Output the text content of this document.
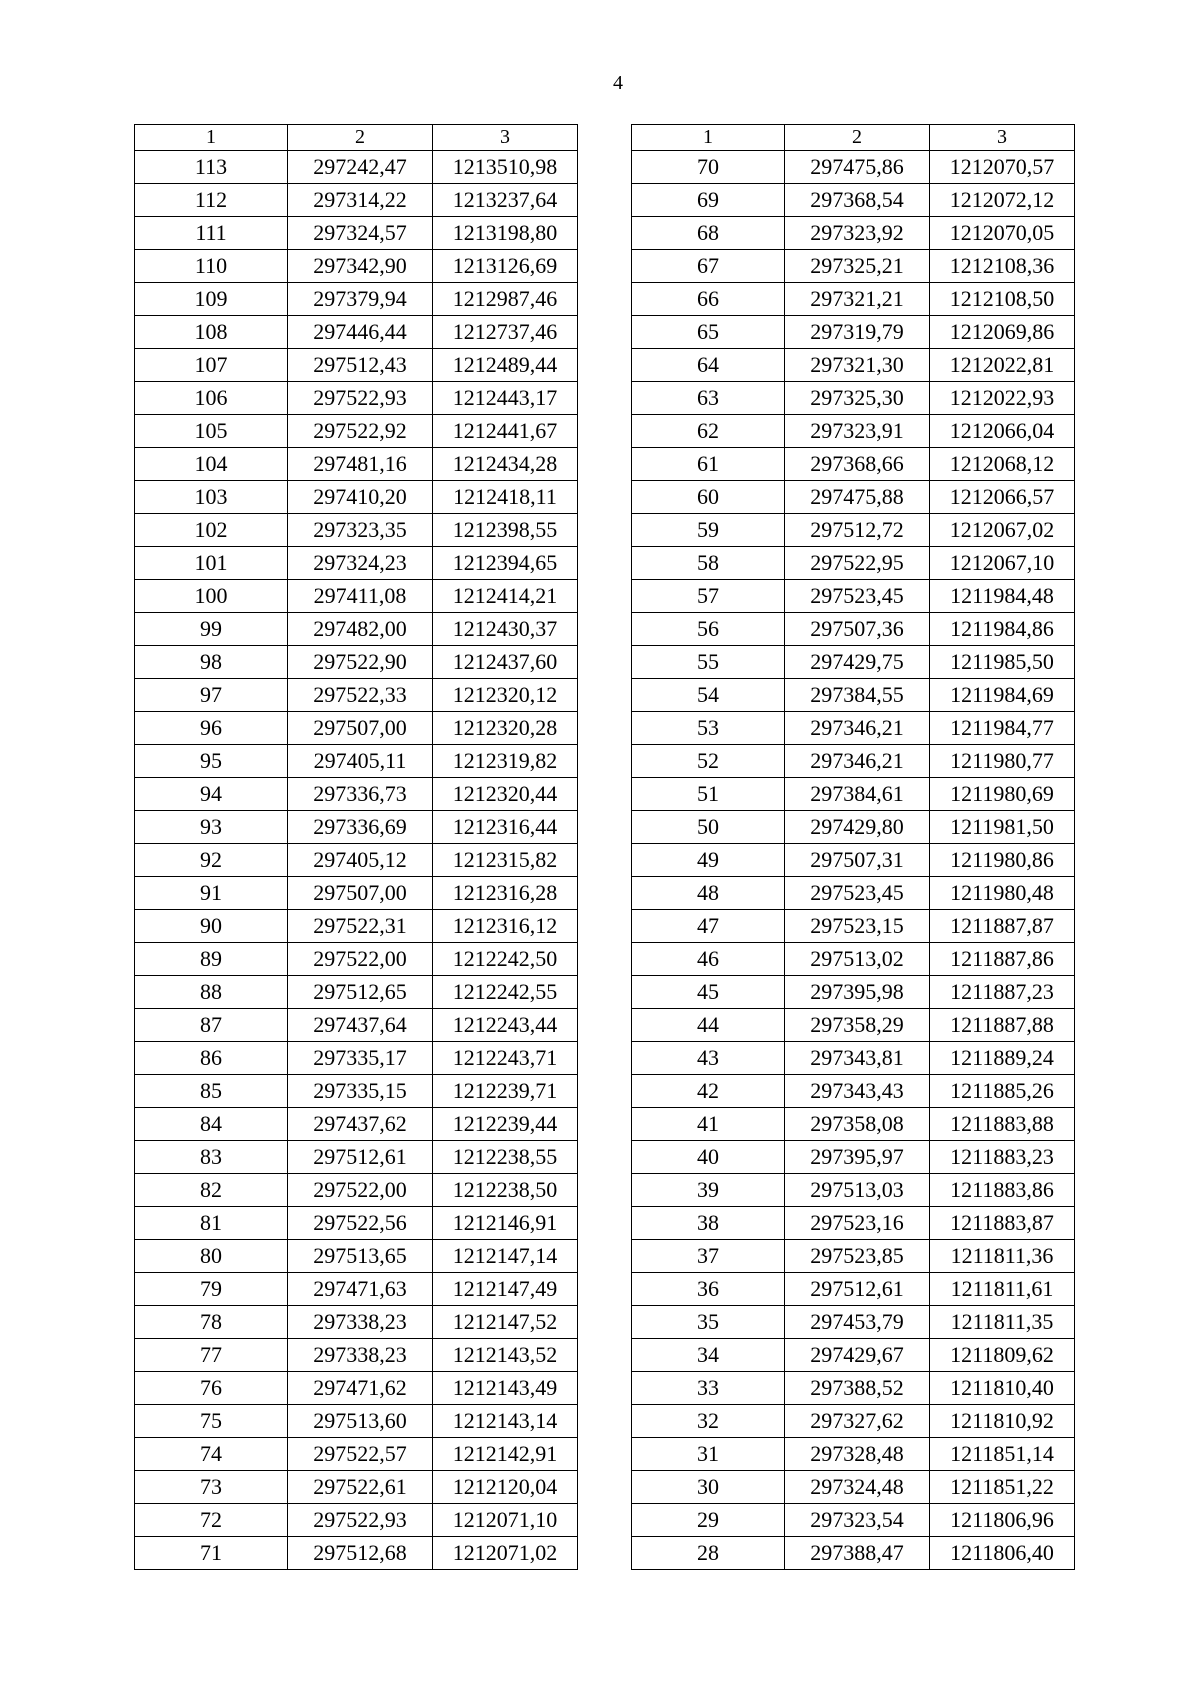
4
1	2	3
113	297242,47	1213510,98
112	297314,22	1213237,64
111	297324,57	1213198,80
110	297342,90	1213126,69
109	297379,94	1212987,46
108	297446,44	1212737,46
107	297512,43	1212489,44
106	297522,93	1212443,17
105	297522,92	1212441,67
104	297481,16	1212434,28
103	297410,20	1212418,11
102	297323,35	1212398,55
101	297324,23	1212394,65
100	297411,08	1212414,21
99	297482,00	1212430,37
98	297522,90	1212437,60
97	297522,33	1212320,12
96	297507,00	1212320,28
95	297405,11	1212319,82
94	297336,73	1212320,44
93	297336,69	1212316,44
92	297405,12	1212315,82
91	297507,00	1212316,28
90	297522,31	1212316,12
89	297522,00	1212242,50
88	297512,65	1212242,55
87	297437,64	1212243,44
86	297335,17	1212243,71
85	297335,15	1212239,71
84	297437,62	1212239,44
83	297512,61	1212238,55
82	297522,00	1212238,50
81	297522,56	1212146,91
80	297513,65	1212147,14
79	297471,63	1212147,49
78	297338,23	1212147,52
77	297338,23	1212143,52
76	297471,62	1212143,49
75	297513,60	1212143,14
74	297522,57	1212142,91
73	297522,61	1212120,04
72	297522,93	1212071,10
71	297512,68	1212071,02
1	2	3
70	297475,86	1212070,57
69	297368,54	1212072,12
68	297323,92	1212070,05
67	297325,21	1212108,36
66	297321,21	1212108,50
65	297319,79	1212069,86
64	297321,30	1212022,81
63	297325,30	1212022,93
62	297323,91	1212066,04
61	297368,66	1212068,12
60	297475,88	1212066,57
59	297512,72	1212067,02
58	297522,95	1212067,10
57	297523,45	1211984,48
56	297507,36	1211984,86
55	297429,75	1211985,50
54	297384,55	1211984,69
53	297346,21	1211984,77
52	297346,21	1211980,77
51	297384,61	1211980,69
50	297429,80	1211981,50
49	297507,31	1211980,86
48	297523,45	1211980,48
47	297523,15	1211887,87
46	297513,02	1211887,86
45	297395,98	1211887,23
44	297358,29	1211887,88
43	297343,81	1211889,24
42	297343,43	1211885,26
41	297358,08	1211883,88
40	297395,97	1211883,23
39	297513,03	1211883,86
38	297523,16	1211883,87
37	297523,85	1211811,36
36	297512,61	1211811,61
35	297453,79	1211811,35
34	297429,67	1211809,62
33	297388,52	1211810,40
32	297327,62	1211810,92
31	297328,48	1211851,14
30	297324,48	1211851,22
29	297323,54	1211806,96
28	297388,47	1211806,40
